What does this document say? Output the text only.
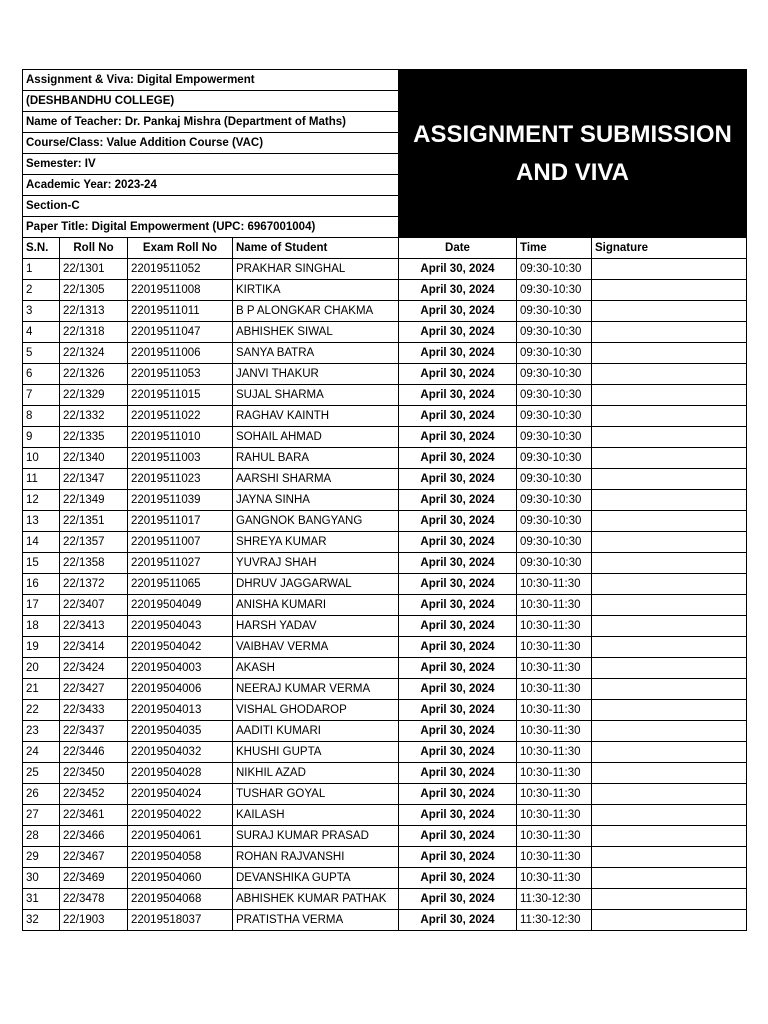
Assignment & Viva: Digital Empowerment				ASSIGNMENT SUBMISSION
AND VIVA		

(DESHBANDHU COLLEGE)						
Name of Teacher: Dr. Pankaj Mishra (Department of Maths)						
Course/Class: Value Addition Course (VAC)						
Semester: IV						
Academic Year: 2023-24						
Section-C						
Paper Title: Digital Empowerment (UPC: 6967001004)						
S.N.	Roll No	Exam Roll No	Name of Student	Date	Time	Signature
1	22/1301	22019511052	PRAKHAR SINGHAL	April 30, 2024	09:30-10:30	
2	22/1305	22019511008	KIRTIKA	April 30, 2024	09:30-10:30	
3	22/1313	22019511011	B P ALONGKAR CHAKMA	April 30, 2024	09:30-10:30	
4	22/1318	22019511047	ABHISHEK SIWAL	April 30, 2024	09:30-10:30	
5	22/1324	22019511006	SANYA BATRA	April 30, 2024	09:30-10:30	
6	22/1326	22019511053	JANVI THAKUR	April 30, 2024	09:30-10:30	
7	22/1329	22019511015	SUJAL SHARMA	April 30, 2024	09:30-10:30	
8	22/1332	22019511022	RAGHAV KAINTH	April 30, 2024	09:30-10:30	
9	22/1335	22019511010	SOHAIL AHMAD	April 30, 2024	09:30-10:30	
10	22/1340	22019511003	RAHUL BARA	April 30, 2024	09:30-10:30	
11	22/1347	22019511023	AARSHI SHARMA	April 30, 2024	09:30-10:30	
12	22/1349	22019511039	JAYNA SINHA	April 30, 2024	09:30-10:30	
13	22/1351	22019511017	GANGNOK BANGYANG	April 30, 2024	09:30-10:30	
14	22/1357	22019511007	SHREYA KUMAR	April 30, 2024	09:30-10:30	
15	22/1358	22019511027	YUVRAJ SHAH	April 30, 2024	09:30-10:30	
16	22/1372	22019511065	DHRUV JAGGARWAL	April 30, 2024	10:30-11:30	
17	22/3407	22019504049	ANISHA KUMARI	April 30, 2024	10:30-11:30	
18	22/3413	22019504043	HARSH YADAV	April 30, 2024	10:30-11:30	
19	22/3414	22019504042	VAIBHAV VERMA	April 30, 2024	10:30-11:30	
20	22/3424	22019504003	AKASH	April 30, 2024	10:30-11:30	
21	22/3427	22019504006	NEERAJ KUMAR VERMA	April 30, 2024	10:30-11:30	
22	22/3433	22019504013	VISHAL GHODAROP	April 30, 2024	10:30-11:30	
23	22/3437	22019504035	AADITI KUMARI	April 30, 2024	10:30-11:30	
24	22/3446	22019504032	KHUSHI GUPTA	April 30, 2024	10:30-11:30	
25	22/3450	22019504028	NIKHIL AZAD	April 30, 2024	10:30-11:30	
26	22/3452	22019504024	TUSHAR GOYAL	April 30, 2024	10:30-11:30	
27	22/3461	22019504022	KAILASH	April 30, 2024	10:30-11:30	
28	22/3466	22019504061	SURAJ KUMAR PRASAD	April 30, 2024	10:30-11:30	
29	22/3467	22019504058	ROHAN RAJVANSHI	April 30, 2024	10:30-11:30	
30	22/3469	22019504060	DEVANSHIKA GUPTA	April 30, 2024	10:30-11:30	
31	22/3478	22019504068	ABHISHEK KUMAR PATHAK	April 30, 2024	11:30-12:30	
32	22/1903	22019518037	PRATISTHA VERMA	April 30, 2024	11:30-12:30	
